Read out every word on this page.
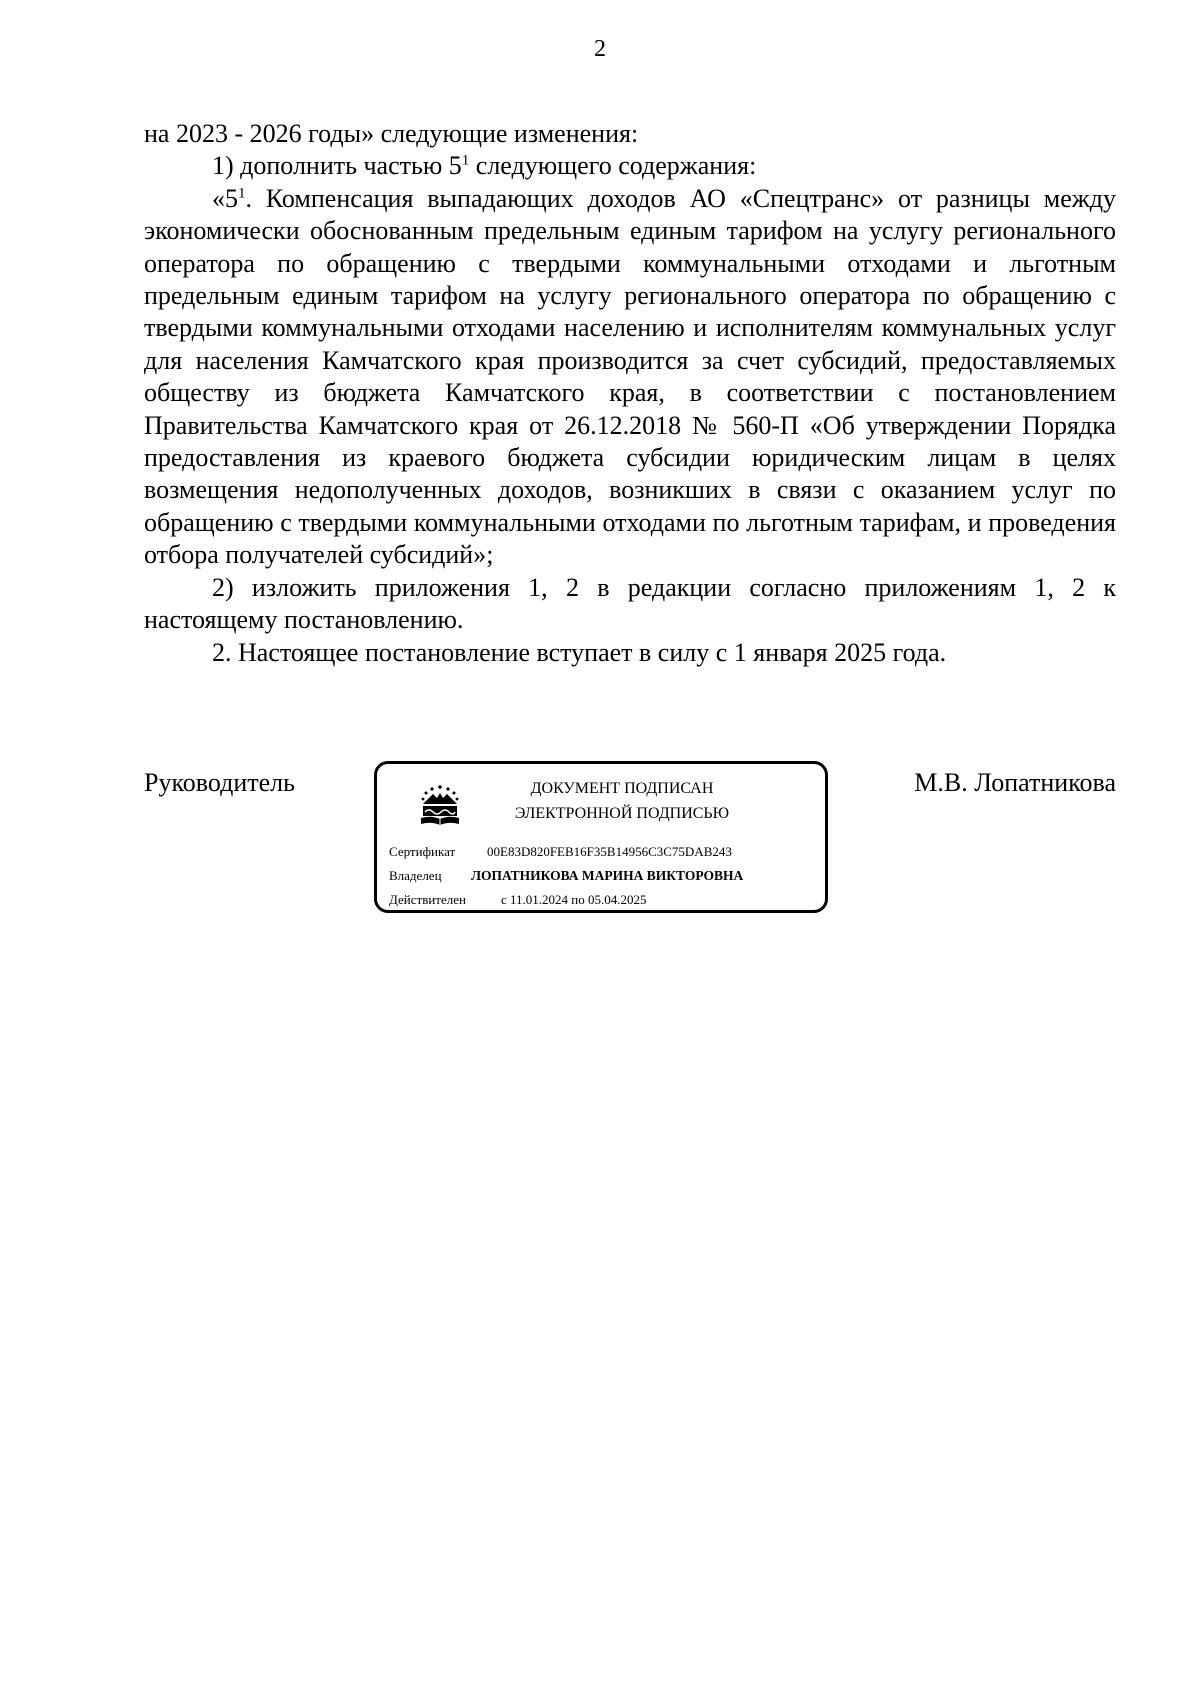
2

на 2023 - 2026 годы» следующие изменения:

1) дополнить частью $5^1$ следующего содержания:

«$5^1$. Компенсация выпадающих доходов АО «Спецтранс» от разницы между экономически обоснованным предельным единым тарифом на услугу регионального оператора по обращению с твердыми коммунальными отходами и льготным предельным единым тарифом на услугу регионального оператора по обращению с твердыми коммунальными отходами населению и исполнителям коммунальных услуг для населения Камчатского края производится за счет субсидий, предоставляемых обществу из бюджета Камчатского края, в соответствии с постановлением Правительства Камчатского края от 26.12.2018 № 560-П «Об утверждении Порядка предоставления из краевого бюджета субсидии юридическим лицам в целях возмещения недополученных доходов, возникших в связи с оказанием услуг по обращению с твердыми коммунальными отходами по льготным тарифам, и проведения отбора получателей субсидий»;

2) изложить приложения 1, 2 в редакции согласно приложениям 1, 2 к настоящему постановлению.

2. Настоящее постановление вступает в силу с 1 января 2025 года.

Руководитель	М.В. Лопатникова
ДОКУМЕНТ ПОДПИСАН
ЭЛЕКТРОННОЙ ПОДПИСЬЮ
Сертификат 00E83D820FEB16F35B14956C3C75DAB243
Владелец ЛОПАТНИКОВА МАРИНА ВИКТОРОВНА
Действителен	с 11.01.2024 по 05.04.2025
